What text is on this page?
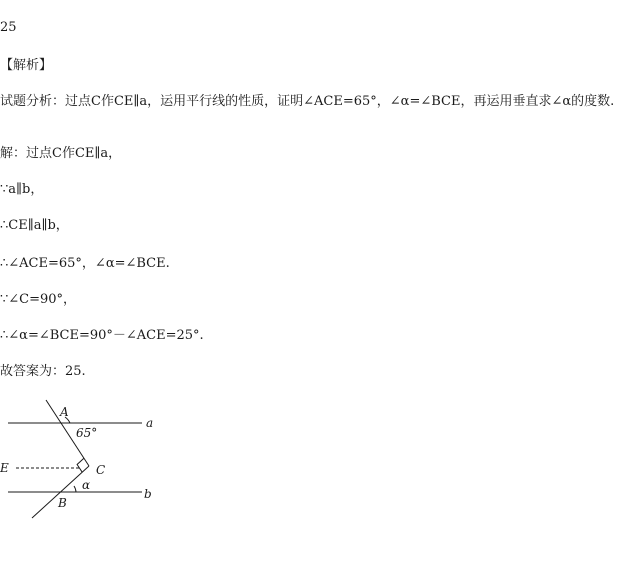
25

【解析】

试题分析：过点C作CE∥a，运用平行线的性质，证明∠ACE=65°，∠α=∠BCE，再运用垂直求∠α的度数.

解：过点C作CE∥a，

∵a∥b，

∴CE∥a∥b，

∴∠ACE=65°，∠α=∠BCE.

∵∠C=90°，

∴∠α=∠BCE=90°－∠ACE=25°.

故答案为：25.

A
a
65°
E	C
α
b
B
